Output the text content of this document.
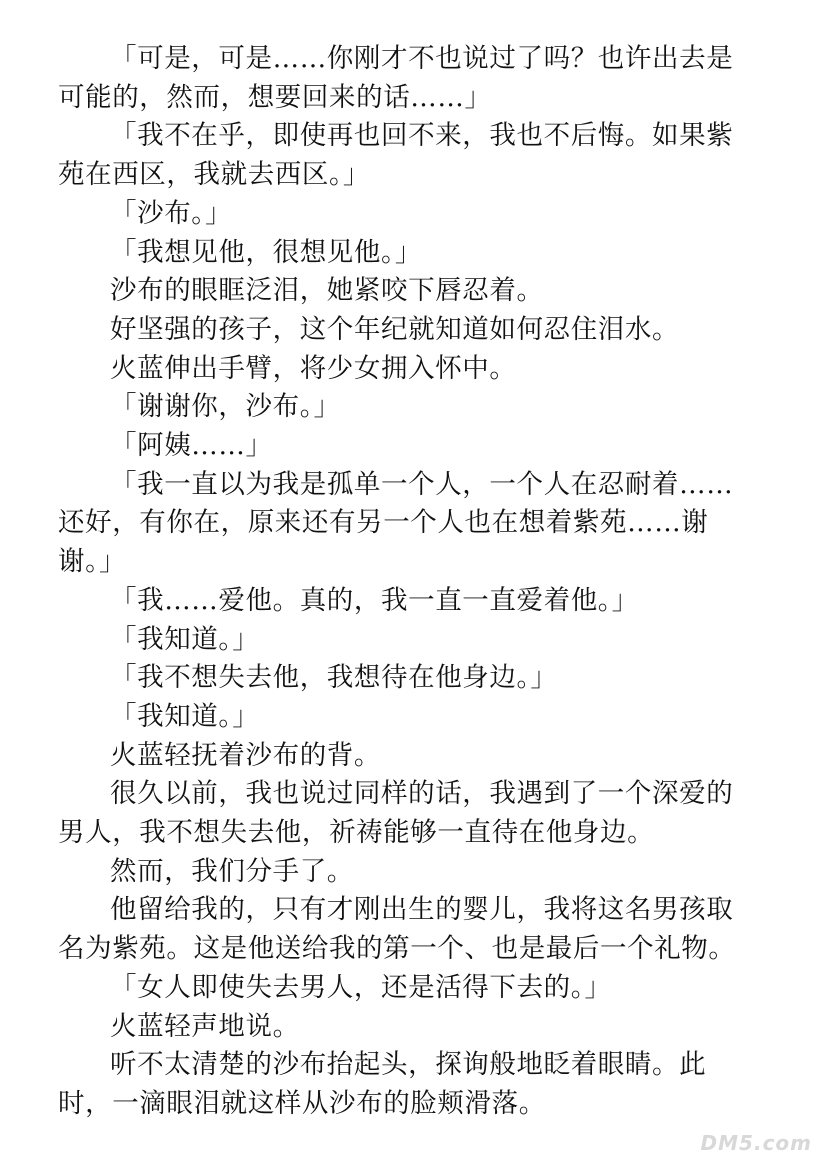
「可是，可是……你刚才不也说过了吗？也许出去是可能的，然而，想要回来的话……」

「我不在乎，即使再也回不来，我也不后悔。如果紫苑在西区，我就去西区。」

「沙布。」

「我想见他，很想见他。」

沙布的眼眶泛泪，她紧咬下唇忍着。

好坚强的孩子，这个年纪就知道如何忍住泪水。

火蓝伸出手臂，将少女拥入怀中。

「谢谢你，沙布。」

「阿姨……」

「我一直以为我是孤单一个人，一个人在忍耐着……还好，有你在，原来还有另一个人也在想着紫苑……谢谢。」

「我……爱他。真的，我一直一直爱着他。」

「我知道。」

「我不想失去他，我想待在他身边。」

「我知道。」

火蓝轻抚着沙布的背。

很久以前，我也说过同样的话，我遇到了一个深爱的男人，我不想失去他，祈祷能够一直待在他身边。

然而，我们分手了。

他留给我的，只有才刚出生的婴儿，我将这名男孩取名为紫苑。这是他送给我的第一个、也是最后一个礼物。

「女人即使失去男人，还是活得下去的。」

火蓝轻声地说。

听不太清楚的沙布抬起头，探询般地眨着眼睛。此时，一滴眼泪就这样从沙布的脸颊滑落。

DM5.com
